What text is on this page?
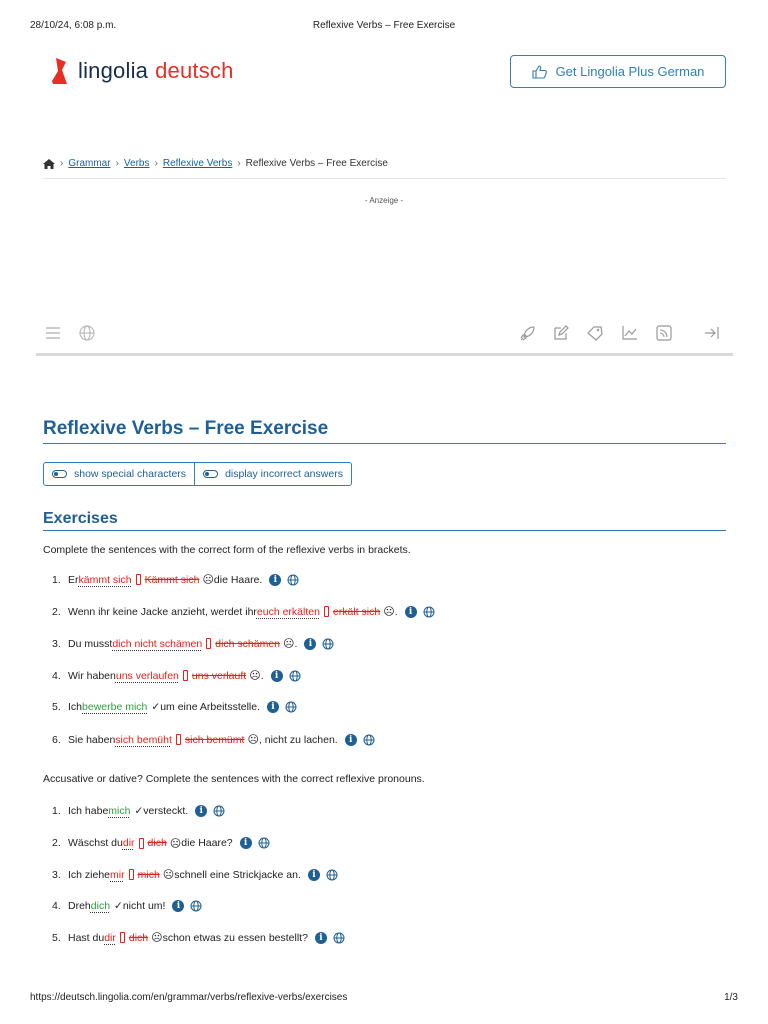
28/10/24, 6:08 p.m.	Reflexive Verbs – Free Exercise
lingolia deutsch	Get Lingolia Plus German
› Grammar › Verbs › Reflexive Verbs › Reflexive Verbs – Free Exercise
- Anzeige -
Reflexive Verbs – Free Exercise
show special characters	display incorrect answers
Exercises

Complete the sentences with the correct form of the reflexive verbs in brackets.

1. Er kämmt sich Kämmt sich ☹ die Haare.	i
2. Wenn ihr keine Jacke anzieht, werdet ihr euch erkälten erkält sich ☹ .	i
3. Du musst dich nicht schämen dich schämen ☹ .	i
4. Wir haben uns verlaufen uns verlauft ☹ .	i
5. Ich bewerbe mich ✓ um eine Arbeitsstelle.	i
6. Sie haben sich bemüht sich bemümt ☹ , nicht zu lachen.	i

Accusative or dative? Complete the sentences with the correct reflexive pronouns.

1. Ich habe mich ✓ versteckt.	i
2. Wäschst du dir dich ☹ die Haare?	i
3. Ich ziehe mir mich ☹ schnell eine Strickjacke an.	i
4. Dreh dich ✓ nicht um!	i
5. Hast du dir dich ☹ schon etwas zu essen bestellt?	i
https://deutsch.lingolia.com/en/grammar/verbs/reflexive-verbs/exercises	1/3
